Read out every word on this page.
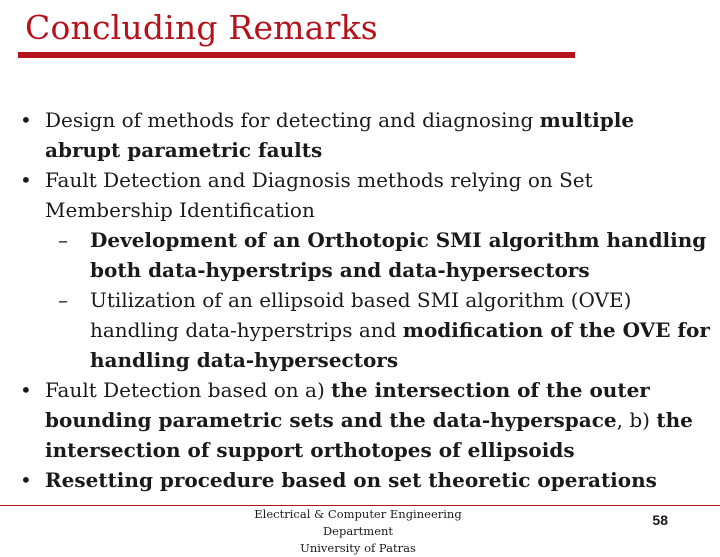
Concluding Remarks
• Design of methods for detecting and diagnosing multiple
abrupt parametric faults
• Fault Detection and Diagnosis methods relying on Set
Membership Identification
– Development of an Orthotopic SMI algorithm handling
both data-hyperstrips and data-hypersectors
– Utilization of an ellipsoid based SMI algorithm (OVE)
handling data-hyperstrips and modification of the OVE for
handling data-hypersectors
• Fault Detection based on a) the intersection of the outer
bounding parametric sets and the data-hyperspace, b) the
intersection of support orthotopes of ellipsoids
• Resetting procedure based on set theoretic operations
Electrical & Computer Engineering Department
University of Patras
58
